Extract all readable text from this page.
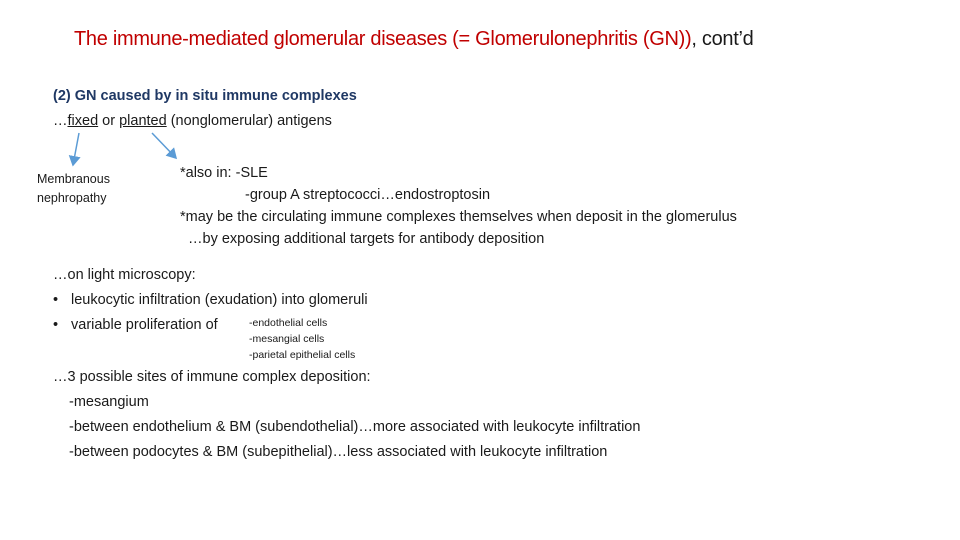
The immune-mediated glomerular diseases (= Glomerulonephritis (GN)), cont’d
(2) GN caused by in situ immune complexes
…fixed or planted (nonglomerular) antigens
Membranous
nephropathy
*also in: -SLE
-group A streptococci…endostroptosin
*may be the circulating immune complexes themselves when deposit in the glomerulus
…by exposing additional targets for antibody deposition
…on light microscopy:
• leukocytic infiltration (exudation) into glomeruli
• variable proliferation of	-endothelial cells
-mesangial cells
-parietal epithelial cells
…3 possible sites of immune complex deposition:
-mesangium
-between endothelium & BM (subendothelial)…more associated with leukocyte infiltration
-between podocytes & BM (subepithelial)…less associated with leukocyte infiltration
